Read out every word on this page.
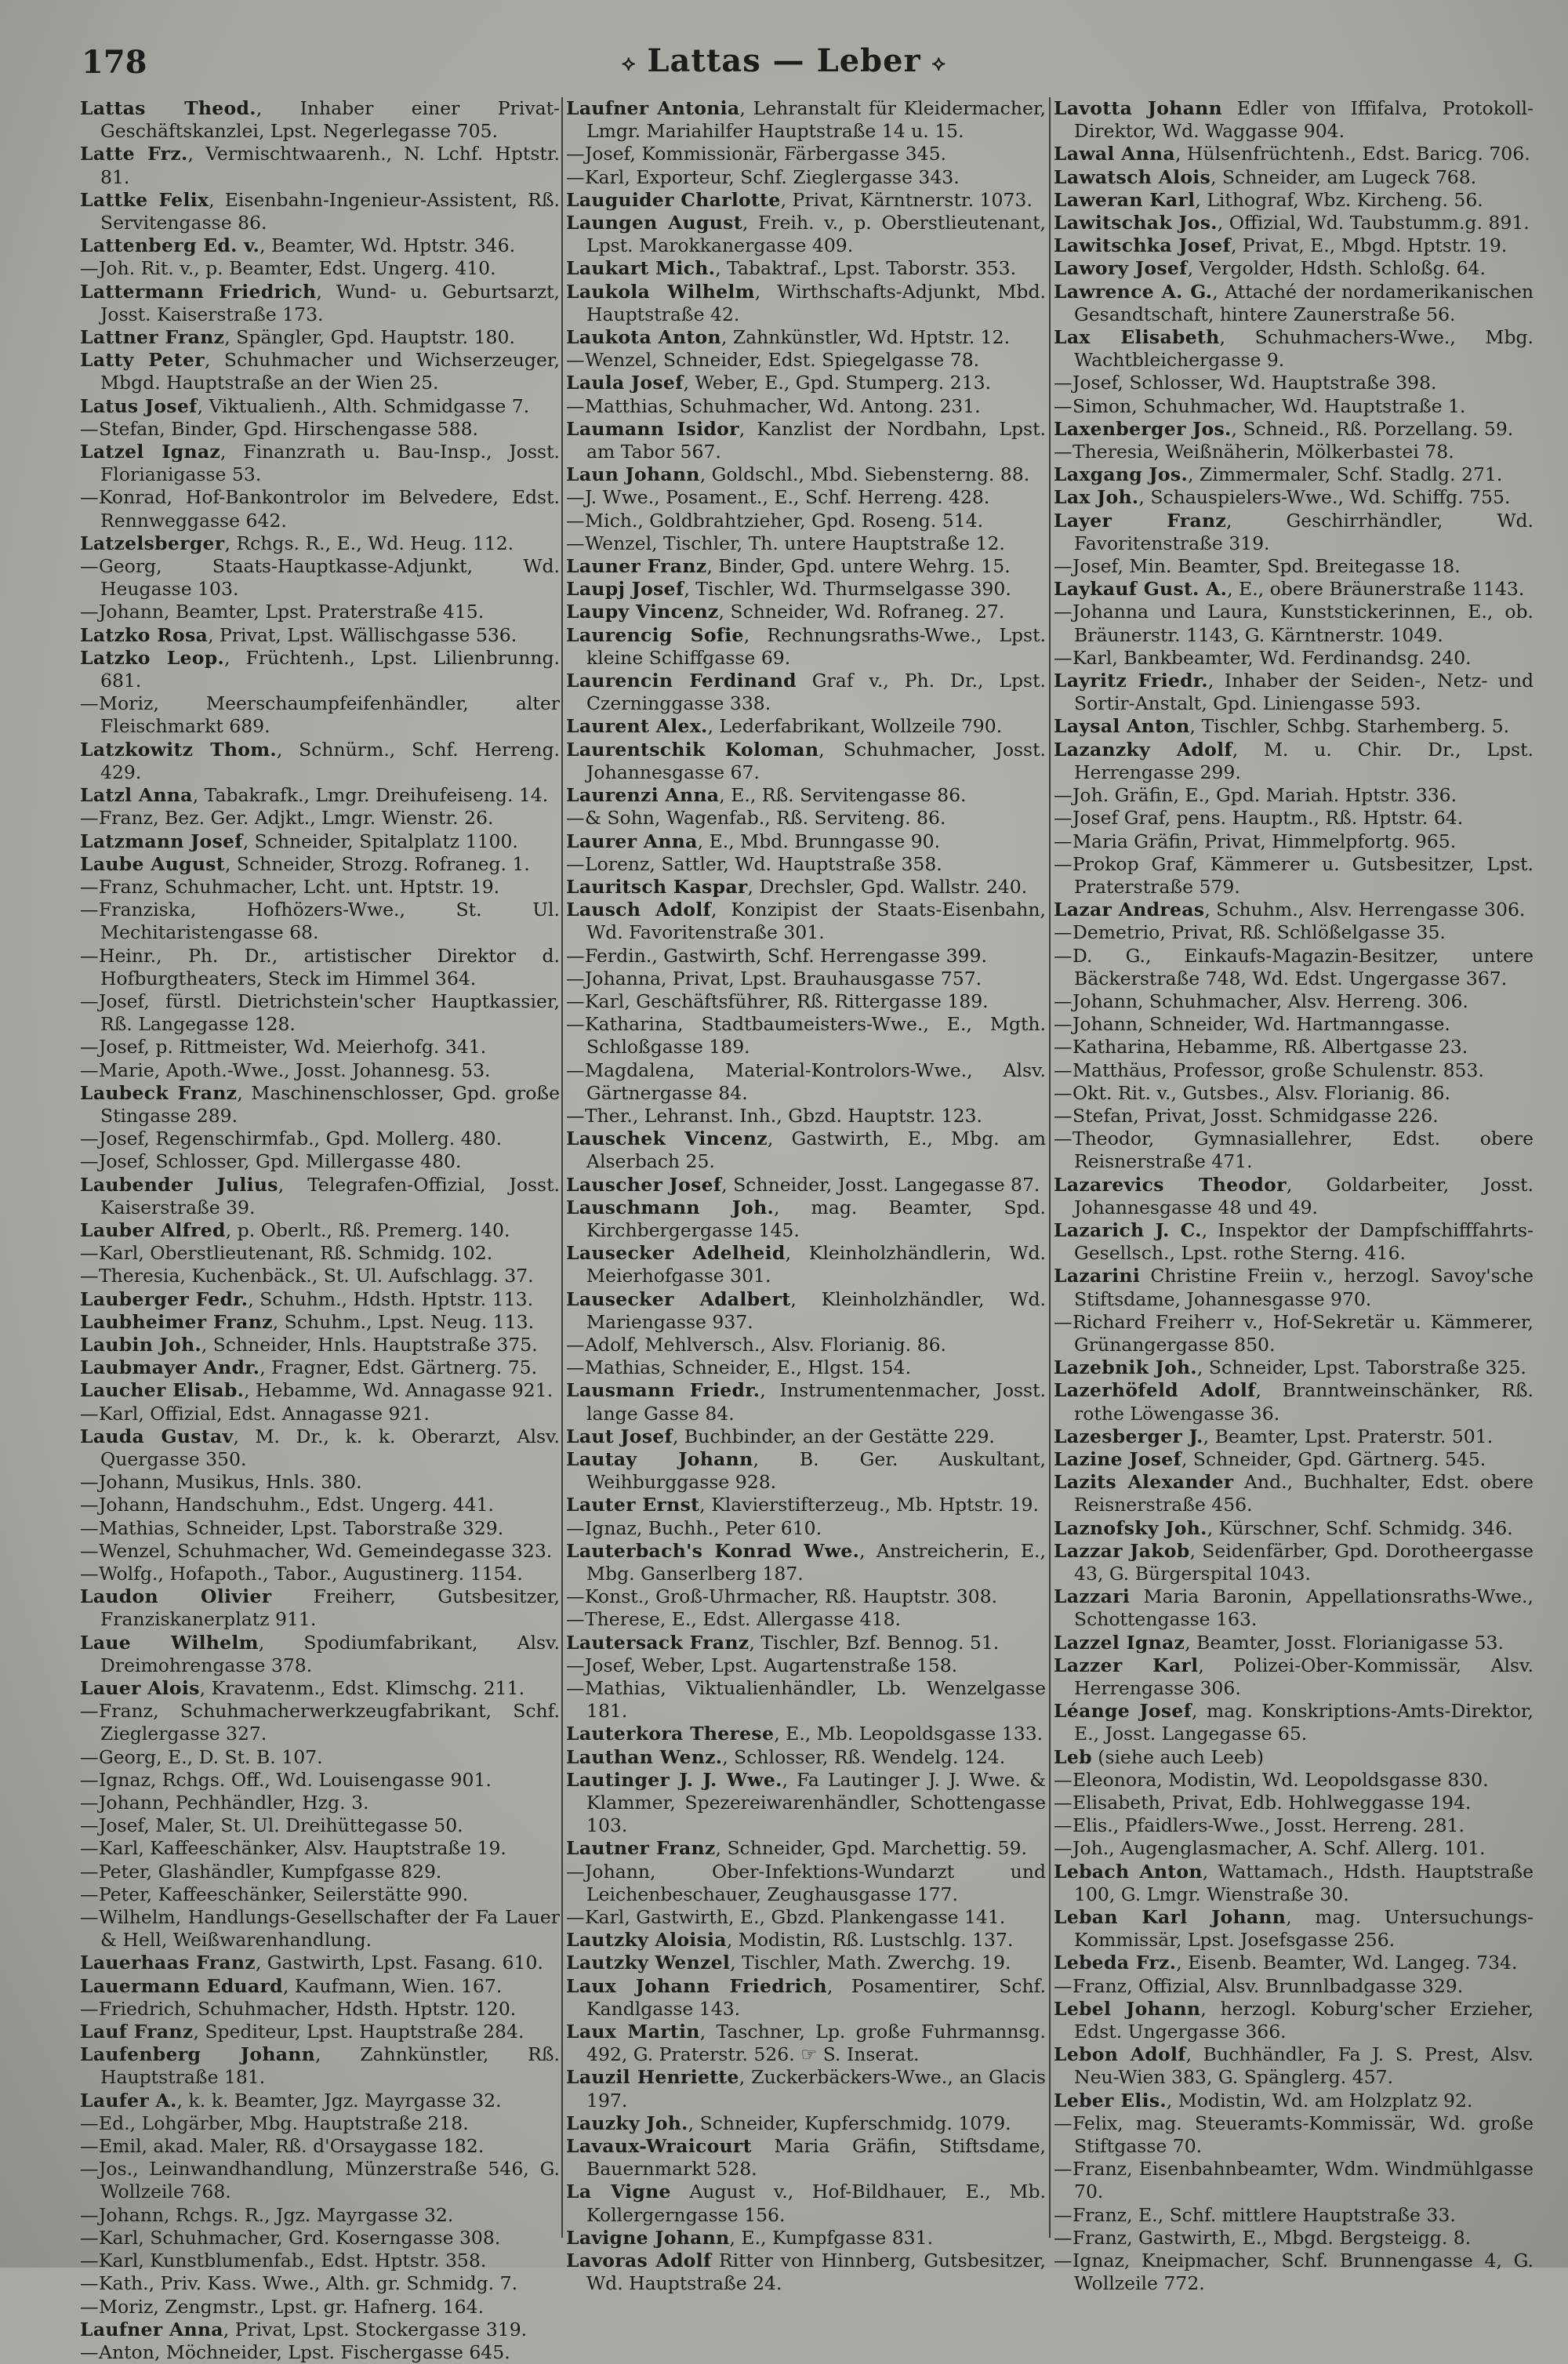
178	⟡ Lattas — Leber ⟡
Lattas Theod., Inhaber einer Privat-Geschäftskanzlei, Lpst. Negerlegasse 705.
Latte Frz., Vermischtwaarenh., N. Lchf. Hptstr. 81.
Lattke Felix, Eisenbahn-Ingenieur-Assistent, Rß. Servitengasse 86.
Lattenberg Ed. v., Beamter, Wd. Hptstr. 346.
—Joh. Rit. v., p. Beamter, Edst. Ungerg. 410.
Lattermann Friedrich, Wund- u. Geburtsarzt, Josst. Kaiserstraße 173.
Lattner Franz, Spängler, Gpd. Hauptstr. 180.
Latty Peter, Schuhmacher und Wichserzeuger, Mbgd. Hauptstraße an der Wien 25.
Latus Josef, Viktualienh., Alth. Schmidgasse 7.
—Stefan, Binder, Gpd. Hirschengasse 588.
Latzel Ignaz, Finanzrath u. Bau-Insp., Josst. Florianigasse 53.
—Konrad, Hof-Bankontrolor im Belvedere, Edst. Rennweggasse 642.
Latzelsberger, Rchgs. R., E., Wd. Heug. 112.
—Georg, Staats-Hauptkasse-Adjunkt, Wd. Heugasse 103.
—Johann, Beamter, Lpst. Praterstraße 415.
Latzko Rosa, Privat, Lpst. Wällischgasse 536.
Latzko Leop., Früchtenh., Lpst. Lilienbrunng. 681.
—Moriz, Meerschaumpfeifenhändler, alter Fleischmarkt 689.
Latzkowitz Thom., Schnürm., Schf. Herreng. 429.
Latzl Anna, Tabakrafk., Lmgr. Dreihufeiseng. 14.
—Franz, Bez. Ger. Adjkt., Lmgr. Wienstr. 26.
Latzmann Josef, Schneider, Spitalplatz 1100.
Laube August, Schneider, Strozg. Rofraneg. 1.
—Franz, Schuhmacher, Lcht. unt. Hptstr. 19.
—Franziska, Hofhözers-Wwe., St. Ul. Mechitaristengasse 68.
—Heinr., Ph. Dr., artistischer Direktor d. Hofburgtheaters, Steck im Himmel 364.
—Josef, fürstl. Dietrichstein'scher Hauptkassier, Rß. Langegasse 128.
—Josef, p. Rittmeister, Wd. Meierhofg. 341.
—Marie, Apoth.-Wwe., Josst. Johannesg. 53.
Laubeck Franz, Maschinenschlosser, Gpd. große Stingasse 289.
—Josef, Regenschirmfab., Gpd. Mollerg. 480.
—Josef, Schlosser, Gpd. Millergasse 480.
Laubender Julius, Telegrafen-Offizial, Josst. Kaiserstraße 39.
Lauber Alfred, p. Oberlt., Rß. Premerg. 140.
—Karl, Oberstlieutenant, Rß. Schmidg. 102.
—Theresia, Kuchenbäck., St. Ul. Aufschlagg. 37.
Lauberger Fedr., Schuhm., Hdsth. Hptstr. 113.
Laubheimer Franz, Schuhm., Lpst. Neug. 113.
Laubin Joh., Schneider, Hnls. Hauptstraße 375.
Laubmayer Andr., Fragner, Edst. Gärtnerg. 75.
Laucher Elisab., Hebamme, Wd. Annagasse 921.
—Karl, Offizial, Edst. Annagasse 921.
Lauda Gustav, M. Dr., k. k. Oberarzt, Alsv. Quergasse 350.
—Johann, Musikus, Hnls. 380.
—Johann, Handschuhm., Edst. Ungerg. 441.
—Mathias, Schneider, Lpst. Taborstraße 329.
—Wenzel, Schuhmacher, Wd. Gemeindegasse 323.
—Wolfg., Hofapoth., Tabor., Augustinerg. 1154.
Laudon Olivier Freiherr, Gutsbesitzer, Franziskanerplatz 911.
Laue Wilhelm, Spodiumfabrikant, Alsv. Dreimohrengasse 378.
Lauer Alois, Kravatenm., Edst. Klimschg. 211.
—Franz, Schuhmacherwerkzeugfabrikant, Schf. Zieglergasse 327.
—Georg, E., D. St. B. 107.
—Ignaz, Rchgs. Off., Wd. Louisengasse 901.
—Johann, Pechhändler, Hzg. 3.
—Josef, Maler, St. Ul. Dreihüttegasse 50.
—Karl, Kaffeeschänker, Alsv. Hauptstraße 19.
—Peter, Glashändler, Kumpfgasse 829.
—Peter, Kaffeeschänker, Seilerstätte 990.
—Wilhelm, Handlungs-Gesellschafter der Fa Lauer & Hell, Weißwarenhandlung.
Lauerhaas Franz, Gastwirth, Lpst. Fasang. 610.
Lauermann Eduard, Kaufmann, Wien. 167.
—Friedrich, Schuhmacher, Hdsth. Hptstr. 120.
Lauf Franz, Spediteur, Lpst. Hauptstraße 284.
Laufenberg Johann, Zahnkünstler, Rß. Hauptstraße 181.
Laufer A., k. k. Beamter, Jgz. Mayrgasse 32.
—Ed., Lohgärber, Mbg. Hauptstraße 218.
—Emil, akad. Maler, Rß. d'Orsaygasse 182.
—Jos., Leinwandhandlung, Münzerstraße 546, G. Wollzeile 768.
—Johann, Rchgs. R., Jgz. Mayrgasse 32.
—Karl, Schuhmacher, Grd. Koserngasse 308.
—Karl, Kunstblumenfab., Edst. Hptstr. 358.
—Kath., Priv. Kass. Wwe., Alth. gr. Schmidg. 7.
—Moriz, Zengmstr., Lpst. gr. Hafnerg. 164.
Laufner Anna, Privat, Lpst. Stockergasse 319.
—Anton, Möchneider, Lpst. Fischergasse 645.
Laufner Antonia, Lehranstalt für Kleidermacher, Lmgr. Mariahilfer Hauptstraße 14 u. 15.
—Josef, Kommissionär, Färbergasse 345.
—Karl, Exporteur, Schf. Zieglergasse 343.
Lauguider Charlotte, Privat, Kärntnerstr. 1073.
Laungen August, Freih. v., p. Oberstlieutenant, Lpst. Marokkanergasse 409.
Laukart Mich., Tabaktraf., Lpst. Taborstr. 353.
Laukola Wilhelm, Wirthschafts-Adjunkt, Mbd. Hauptstraße 42.
Laukota Anton, Zahnkünstler, Wd. Hptstr. 12.
—Wenzel, Schneider, Edst. Spiegelgasse 78.
Laula Josef, Weber, E., Gpd. Stumperg. 213.
—Matthias, Schuhmacher, Wd. Antong. 231.
Laumann Isidor, Kanzlist der Nordbahn, Lpst. am Tabor 567.
Laun Johann, Goldschl., Mbd. Siebensterng. 88.
—J. Wwe., Posament., E., Schf. Herreng. 428.
—Mich., Goldbrahtzieher, Gpd. Roseng. 514.
—Wenzel, Tischler, Th. untere Hauptstraße 12.
Launer Franz, Binder, Gpd. untere Wehrg. 15.
Laupj Josef, Tischler, Wd. Thurmselgasse 390.
Laupy Vincenz, Schneider, Wd. Rofraneg. 27.
Laurencig Sofie, Rechnungsraths-Wwe., Lpst. kleine Schiffgasse 69.
Laurencin Ferdinand Graf v., Ph. Dr., Lpst. Czerninggasse 338.
Laurent Alex., Lederfabrikant, Wollzeile 790.
Laurentschik Koloman, Schuhmacher, Josst. Johannesgasse 67.
Laurenzi Anna, E., Rß. Servitengasse 86.
—& Sohn, Wagenfab., Rß. Serviteng. 86.
Laurer Anna, E., Mbd. Brunngasse 90.
—Lorenz, Sattler, Wd. Hauptstraße 358.
Lauritsch Kaspar, Drechsler, Gpd. Wallstr. 240.
Lausch Adolf, Konzipist der Staats-Eisenbahn, Wd. Favoritenstraße 301.
—Ferdin., Gastwirth, Schf. Herrengasse 399.
—Johanna, Privat, Lpst. Brauhausgasse 757.
—Karl, Geschäftsführer, Rß. Rittergasse 189.
—Katharina, Stadtbaumeisters-Wwe., E., Mgth. Schloßgasse 189.
—Magdalena, Material-Kontrolors-Wwe., Alsv. Gärtnergasse 84.
—Ther., Lehranst. Inh., Gbzd. Hauptstr. 123.
Lauschek Vincenz, Gastwirth, E., Mbg. am Alserbach 25.
Lauscher Josef, Schneider, Josst. Langegasse 87.
Lauschmann Joh., mag. Beamter, Spd. Kirchbergergasse 145.
Lausecker Adelheid, Kleinholzhändlerin, Wd. Meierhofgasse 301.
Lausecker Adalbert, Kleinholzhändler, Wd. Mariengasse 937.
—Adolf, Mehlversch., Alsv. Florianig. 86.
—Mathias, Schneider, E., Hlgst. 154.
Lausmann Friedr., Instrumentenmacher, Josst. lange Gasse 84.
Laut Josef, Buchbinder, an der Gestätte 229.
Lautay Johann, B. Ger. Auskultant, Weihburggasse 928.
Lauter Ernst, Klavierstifterzeug., Mb. Hptstr. 19.
—Ignaz, Buchh., Peter 610.
Lauterbach's Konrad Wwe., Anstreicherin, E., Mbg. Ganserlberg 187.
—Konst., Groß-Uhrmacher, Rß. Hauptstr. 308.
—Therese, E., Edst. Allergasse 418.
Lautersack Franz, Tischler, Bzf. Bennog. 51.
—Josef, Weber, Lpst. Augartenstraße 158.
—Mathias, Viktualienhändler, Lb. Wenzelgasse 181.
Lauterkora Therese, E., Mb. Leopoldsgasse 133.
Lauthan Wenz., Schlosser, Rß. Wendelg. 124.
Lautinger J. J. Wwe., Fa Lautinger J. J. Wwe. & Klammer, Spezereiwarenhändler, Schottengasse 103.
Lautner Franz, Schneider, Gpd. Marchettig. 59.
—Johann, Ober-Infektions-Wundarzt und Leichenbeschauer, Zeughausgasse 177.
—Karl, Gastwirth, E., Gbzd. Plankengasse 141.
Lautzky Aloisia, Modistin, Rß. Lustschlg. 137.
Lautzky Wenzel, Tischler, Math. Zwerchg. 19.
Laux Johann Friedrich, Posamentirer, Schf. Kandlgasse 143.
Laux Martin, Taschner, Lp. große Fuhrmannsg. 492, G. Praterstr. 526. ☞ S. Inserat.
Lauzil Henriette, Zuckerbäckers-Wwe., an Glacis 197.
Lauzky Joh., Schneider, Kupferschmidg. 1079.
Lavaux-Wraicourt Maria Gräfin, Stiftsdame, Bauernmarkt 528.
La Vigne August v., Hof-Bildhauer, E., Mb. Kollergerngasse 156.
Lavigne Johann, E., Kumpfgasse 831.
Lavoras Adolf Ritter von Hinnberg, Gutsbesitzer, Wd. Hauptstraße 24.
Lavotta Johann Edler von Iffifalva, Protokoll-Direktor, Wd. Waggasse 904.
Lawal Anna, Hülsenfrüchtenh., Edst. Baricg. 706.
Lawatsch Alois, Schneider, am Lugeck 768.
Laweran Karl, Lithograf, Wbz. Kircheng. 56.
Lawitschak Jos., Offizial, Wd. Taubstumm.g. 891.
Lawitschka Josef, Privat, E., Mbgd. Hptstr. 19.
Lawory Josef, Vergolder, Hdsth. Schloßg. 64.
Lawrence A. G., Attaché der nordamerikanischen Gesandtschaft, hintere Zaunerstraße 56.
Lax Elisabeth, Schuhmachers-Wwe., Mbg. Wachtbleichergasse 9.
—Josef, Schlosser, Wd. Hauptstraße 398.
—Simon, Schuhmacher, Wd. Hauptstraße 1.
Laxenberger Jos., Schneid., Rß. Porzellang. 59.
—Theresia, Weißnäherin, Mölkerbastei 78.
Laxgang Jos., Zimmermaler, Schf. Stadlg. 271.
Lax Joh., Schauspielers-Wwe., Wd. Schiffg. 755.
Layer Franz, Geschirrhändler, Wd. Favoritenstraße 319.
—Josef, Min. Beamter, Spd. Breitegasse 18.
Laykauf Gust. A., E., obere Bräunerstraße 1143.
—Johanna und Laura, Kunststickerinnen, E., ob. Bräunerstr. 1143, G. Kärntnerstr. 1049.
—Karl, Bankbeamter, Wd. Ferdinandsg. 240.
Layritz Friedr., Inhaber der Seiden-, Netz- und Sortir-Anstalt, Gpd. Liniengasse 593.
Laysal Anton, Tischler, Schbg. Starhemberg. 5.
Lazanzky Adolf, M. u. Chir. Dr., Lpst. Herrengasse 299.
—Joh. Gräfin, E., Gpd. Mariah. Hptstr. 336.
—Josef Graf, pens. Hauptm., Rß. Hptstr. 64.
—Maria Gräfin, Privat, Himmelpfortg. 965.
—Prokop Graf, Kämmerer u. Gutsbesitzer, Lpst. Praterstraße 579.
Lazar Andreas, Schuhm., Alsv. Herrengasse 306.
—Demetrio, Privat, Rß. Schlößelgasse 35.
—D. G., Einkaufs-Magazin-Besitzer, untere Bäckerstraße 748, Wd. Edst. Ungergasse 367.
—Johann, Schuhmacher, Alsv. Herreng. 306.
—Johann, Schneider, Wd. Hartmanngasse.
—Katharina, Hebamme, Rß. Albertgasse 23.
—Matthäus, Professor, große Schulenstr. 853.
—Okt. Rit. v., Gutsbes., Alsv. Florianig. 86.
—Stefan, Privat, Josst. Schmidgasse 226.
—Theodor, Gymnasiallehrer, Edst. obere Reisnerstraße 471.
Lazarevics Theodor, Goldarbeiter, Josst. Johannesgasse 48 und 49.
Lazarich J. C., Inspektor der Dampfschifffahrts-Gesellsch., Lpst. rothe Sterng. 416.
Lazarini Christine Freiin v., herzogl. Savoy'sche Stiftsdame, Johannesgasse 970.
—Richard Freiherr v., Hof-Sekretär u. Kämmerer, Grünangergasse 850.
Lazebnik Joh., Schneider, Lpst. Taborstraße 325.
Lazerhöfeld Adolf, Branntweinschänker, Rß. rothe Löwengasse 36.
Lazesberger J., Beamter, Lpst. Praterstr. 501.
Lazine Josef, Schneider, Gpd. Gärtnerg. 545.
Lazits Alexander And., Buchhalter, Edst. obere Reisnerstraße 456.
Laznofsky Joh., Kürschner, Schf. Schmidg. 346.
Lazzar Jakob, Seidenfärber, Gpd. Dorotheergasse 43, G. Bürgerspital 1043.
Lazzari Maria Baronin, Appellationsraths-Wwe., Schottengasse 163.
Lazzel Ignaz, Beamter, Josst. Florianigasse 53.
Lazzer Karl, Polizei-Ober-Kommissär, Alsv. Herrengasse 306.
Léange Josef, mag. Konskriptions-Amts-Direktor, E., Josst. Langegasse 65.
Leb (siehe auch Leeb)
—Eleonora, Modistin, Wd. Leopoldsgasse 830.
—Elisabeth, Privat, Edb. Hohlweggasse 194.
—Elis., Pfaidlers-Wwe., Josst. Herreng. 281.
—Joh., Augenglasmacher, A. Schf. Allerg. 101.
Lebach Anton, Wattamach., Hdsth. Hauptstraße 100, G. Lmgr. Wienstraße 30.
Leban Karl Johann, mag. Untersuchungs-Kommissär, Lpst. Josefsgasse 256.
Lebeda Frz., Eisenb. Beamter, Wd. Langeg. 734.
—Franz, Offizial, Alsv. Brunnlbadgasse 329.
Lebel Johann, herzogl. Koburg'scher Erzieher, Edst. Ungergasse 366.
Lebon Adolf, Buchhändler, Fa J. S. Prest, Alsv. Neu-Wien 383, G. Spänglerg. 457.
Leber Elis., Modistin, Wd. am Holzplatz 92.
—Felix, mag. Steueramts-Kommissär, Wd. große Stiftgasse 70.
—Franz, Eisenbahnbeamter, Wdm. Windmühlgasse 70.
—Franz, E., Schf. mittlere Hauptstraße 33.
—Franz, Gastwirth, E., Mbgd. Bergsteigg. 8.
—Ignaz, Kneipmacher, Schf. Brunnengasse 4, G. Wollzeile 772.
